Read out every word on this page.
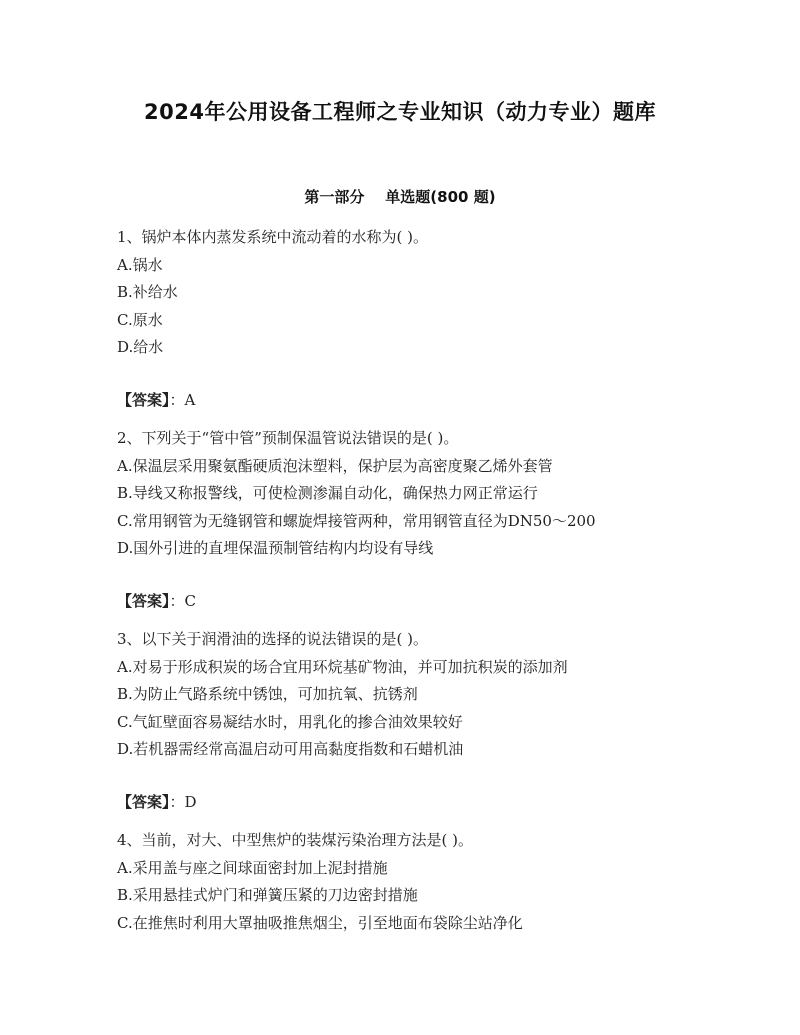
2024年公用设备工程师之专业知识（动力专业）题库
第一部分    单选题(800 题)
1、锅炉本体内蒸发系统中流动着的水称为( )。
A.锅水
B.补给水
C.原水
D.给水
【答案】：A
2、下列关于“管中管”预制保温管说法错误的是( )。
A.保温层采用聚氨酯硬质泡沫塑料，保护层为高密度聚乙烯外套管
B.导线又称报警线，可使检测渗漏自动化，确保热力网正常运行
C.常用钢管为无缝钢管和螺旋焊接管两种，常用钢管直径为DN50～200
D.国外引进的直埋保温预制管结构内均设有导线
【答案】：C
3、以下关于润滑油的选择的说法错误的是( )。
A.对易于形成积炭的场合宜用环烷基矿物油，并可加抗积炭的添加剂
B.为防止气路系统中锈蚀，可加抗氧、抗锈剂
C.气缸壁面容易凝结水时，用乳化的掺合油效果较好
D.若机器需经常高温启动可用高黏度指数和石蜡机油
【答案】：D
4、当前，对大、中型焦炉的装煤污染治理方法是( )。
A.采用盖与座之间球面密封加上泥封措施
B.采用悬挂式炉门和弹簧压紧的刀边密封措施
C.在推焦时利用大罩抽吸推焦烟尘，引至地面布袋除尘站净化
